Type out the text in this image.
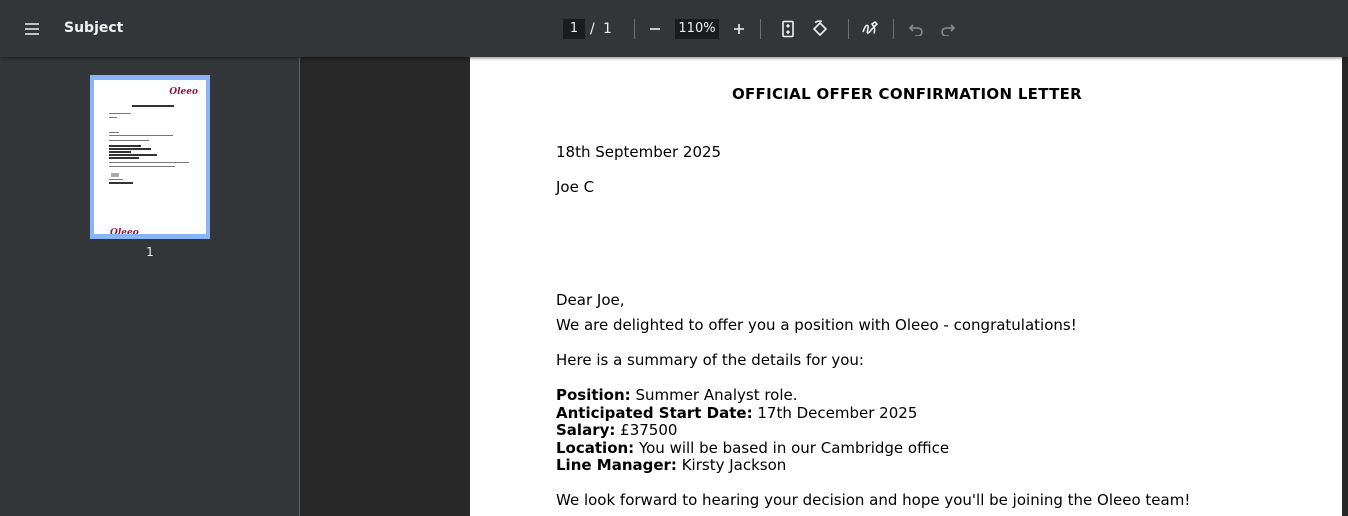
Subject	1 / 1	110%
Oleeo
Oleeo
1
OFFICIAL OFFER CONFIRMATION LETTER
18th September 2025
Joe C
Dear Joe,
We are delighted to offer you a position with Oleeo - congratulations!
Here is a summary of the details for you:
Position: Summer Analyst role.
Anticipated Start Date: 17th December 2025
Salary: £37500
Location: You will be based in our Cambridge office
Line Manager: Kirsty Jackson
We look forward to hearing your decision and hope you'll be joining the Oleeo team!
